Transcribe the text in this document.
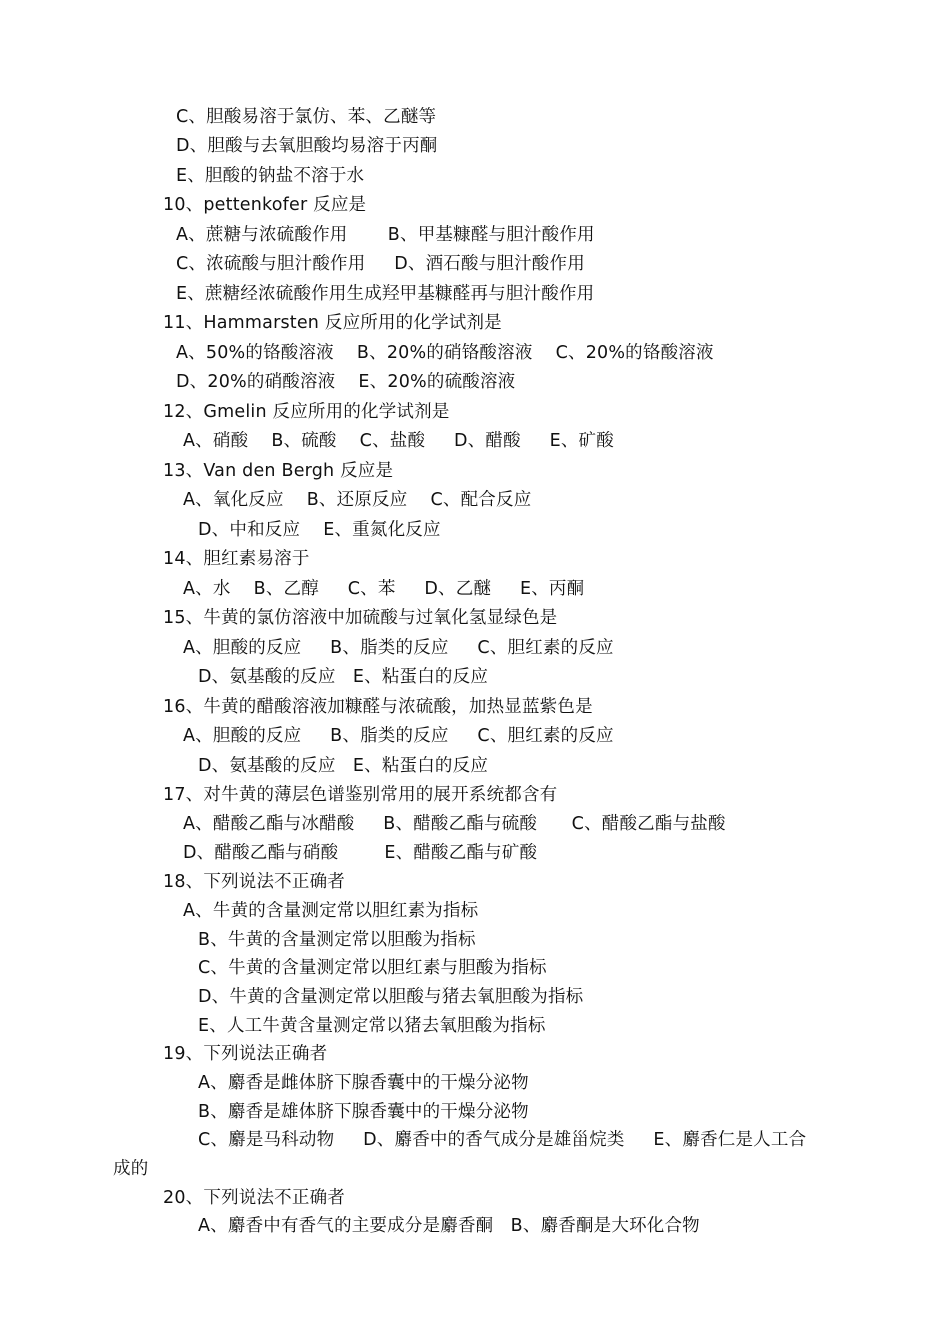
C、胆酸易溶于氯仿、苯、乙醚等
D、胆酸与去氧胆酸均易溶于丙酮
E、胆酸的钠盐不溶于水
10、pettenkofer 反应是
A、蔗糖与浓硫酸作用       B、甲基糠醛与胆汁酸作用
C、浓硫酸与胆汁酸作用     D、酒石酸与胆汁酸作用
E、蔗糖经浓硫酸作用生成羟甲基糠醛再与胆汁酸作用
11、Hammarsten 反应所用的化学试剂是
A、50%的铬酸溶液    B、20%的硝铬酸溶液    C、20%的铬酸溶液
D、20%的硝酸溶液    E、20%的硫酸溶液
12、Gmelin 反应所用的化学试剂是
A、硝酸    B、硫酸    C、盐酸     D、醋酸     E、矿酸
13、Van den Bergh 反应是
A、氧化反应    B、还原反应    C、配合反应
D、中和反应    E、重氮化反应
14、胆红素易溶于
A、水    B、乙醇     C、苯     D、乙醚     E、丙酮
15、牛黄的氯仿溶液中加硫酸与过氧化氢显绿色是
A、胆酸的反应     B、脂类的反应     C、胆红素的反应
D、氨基酸的反应   E、粘蛋白的反应
16、牛黄的醋酸溶液加糠醛与浓硫酸，加热显蓝紫色是
A、胆酸的反应     B、脂类的反应     C、胆红素的反应
D、氨基酸的反应   E、粘蛋白的反应
17、对牛黄的薄层色谱鉴别常用的展开系统都含有
A、醋酸乙酯与冰醋酸     B、醋酸乙酯与硫酸      C、醋酸乙酯与盐酸
D、醋酸乙酯与硝酸        E、醋酸乙酯与矿酸
18、下列说法不正确者
A、牛黄的含量测定常以胆红素为指标
B、牛黄的含量测定常以胆酸为指标
C、牛黄的含量测定常以胆红素与胆酸为指标
D、牛黄的含量测定常以胆酸与猪去氧胆酸为指标
E、人工牛黄含量测定常以猪去氧胆酸为指标
19、下列说法正确者
A、麝香是雌体脐下腺香囊中的干燥分泌物
B、麝香是雄体脐下腺香囊中的干燥分泌物
C、麝是马科动物     D、麝香中的香气成分是雄甾烷类     E、麝香仁是人工合
成的
20、下列说法不正确者
A、麝香中有香气的主要成分是麝香酮   B、麝香酮是大环化合物
